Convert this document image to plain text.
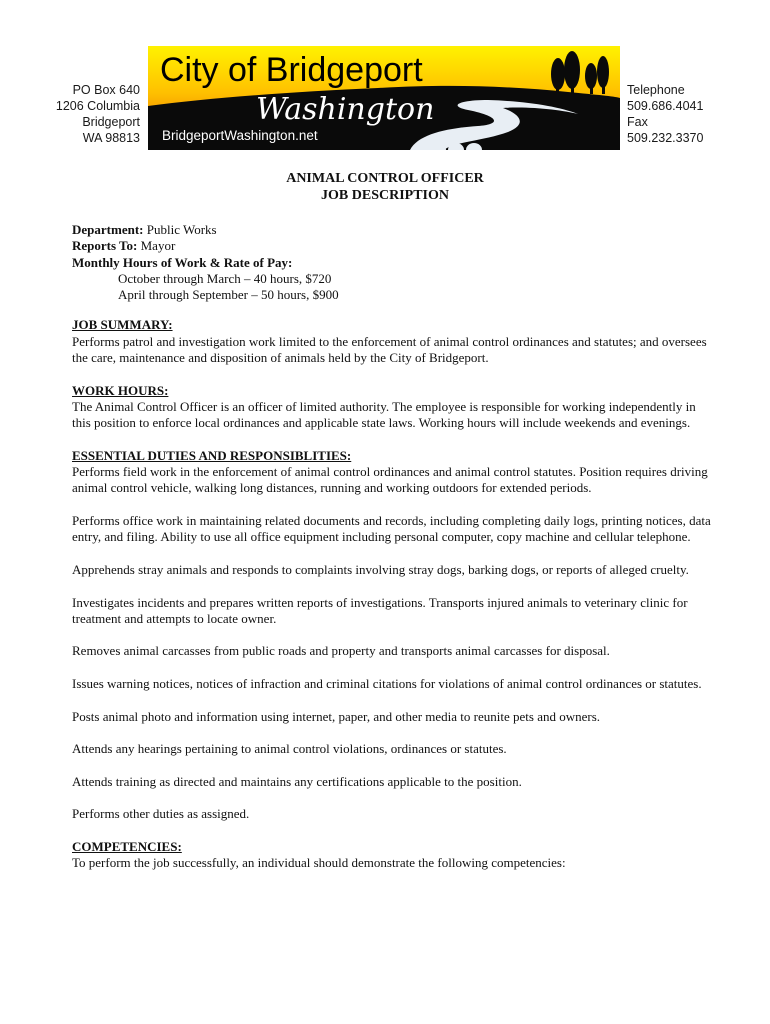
PO Box 640
1206 Columbia
Bridgeport
WA 98813
City of Bridgeport
Washington
BridgeportWashington.net
Telephone
509.686.4041
Fax
509.232.3370
ANIMAL CONTROL OFFICER
JOB DESCRIPTION

Department: Public Works

Reports To: Mayor

Monthly Hours of Work & Rate of Pay:

October through March – 40 hours, $720

April through September – 50 hours, $900

JOB SUMMARY:

Performs patrol and investigation work limited to the enforcement of animal control ordinances and statutes; and oversees the care, maintenance and disposition of animals held by the City of Bridgeport.

WORK HOURS:

The Animal Control Officer is an officer of limited authority. The employee is responsible for working independently in this position to enforce local ordinances and applicable state laws. Working hours will include weekends and evenings.

ESSENTIAL DUTIES AND RESPONSIBLITIES:

Performs field work in the enforcement of animal control ordinances and animal control statutes. Position requires driving animal control vehicle, walking long distances, running and working outdoors for extended periods.

Performs office work in maintaining related documents and records, including completing daily logs, printing notices, data entry, and filing. Ability to use all office equipment including personal computer, copy machine and cellular telephone.

Apprehends stray animals and responds to complaints involving stray dogs, barking dogs, or reports of alleged cruelty.

Investigates incidents and prepares written reports of investigations. Transports injured animals to veterinary clinic for treatment and attempts to locate owner.

Removes animal carcasses from public roads and property and transports animal carcasses for disposal.

Issues warning notices, notices of infraction and criminal citations for violations of animal control ordinances or statutes.

Posts animal photo and information using internet, paper, and other media to reunite pets and owners.

Attends any hearings pertaining to animal control violations, ordinances or statutes.

Attends training as directed and maintains any certifications applicable to the position.

Performs other duties as assigned.

COMPETENCIES:

To perform the job successfully, an individual should demonstrate the following competencies:
